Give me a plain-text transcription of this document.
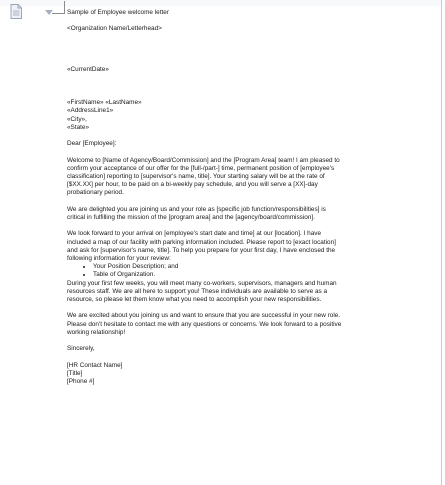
Sample of Employee welcome letter
<Organization Name/Letterhead>
«CurrentDate»
«FirstName» «LastName»
«AddressLine1»
«City»,
«State»
Dear [Employee]:
Welcome to [Name of Agency/Board/Commission] and the [Program Area] team! I am pleased to
confirm your acceptance of our offer for the [full-/part-] time, permanent position of [employee's
classification] reporting to [supervisor's name, title]. Your starting salary will be at the rate of
[$XX.XX] per hour, to be paid on a bi-weekly pay schedule, and you will serve a [XX]-day
probationary period.
We are delighted you are joining us and your role as [specific job function/responsibilities] is
critical in fulfilling the mission of the [program area] and the [agency/board/commission].
We look forward to your arrival on [employee's start date and time] at our [location]. I have
included a map of our facility with parking information included. Please report to [exact location]
and ask for [supervisor's name, title]. To help you prepare for your first day, I have enclosed the
following information for your review:
• Your Position Description; and
• Table of Organization.
During your first few weeks, you will meet many co-workers, supervisors, managers and human
resources staff. We are all here to support you! These individuals are available to serve as a
resource, so please let them know what you need to accomplish your new responsibilities.
We are excited about you joining us and want to ensure that you are successful in your new role.
Please don't hesitate to contact me with any questions or concerns. We look forward to a positive
working relationship!
Sincerely,
[HR Contact Name]
[Title]
[Phone #]
